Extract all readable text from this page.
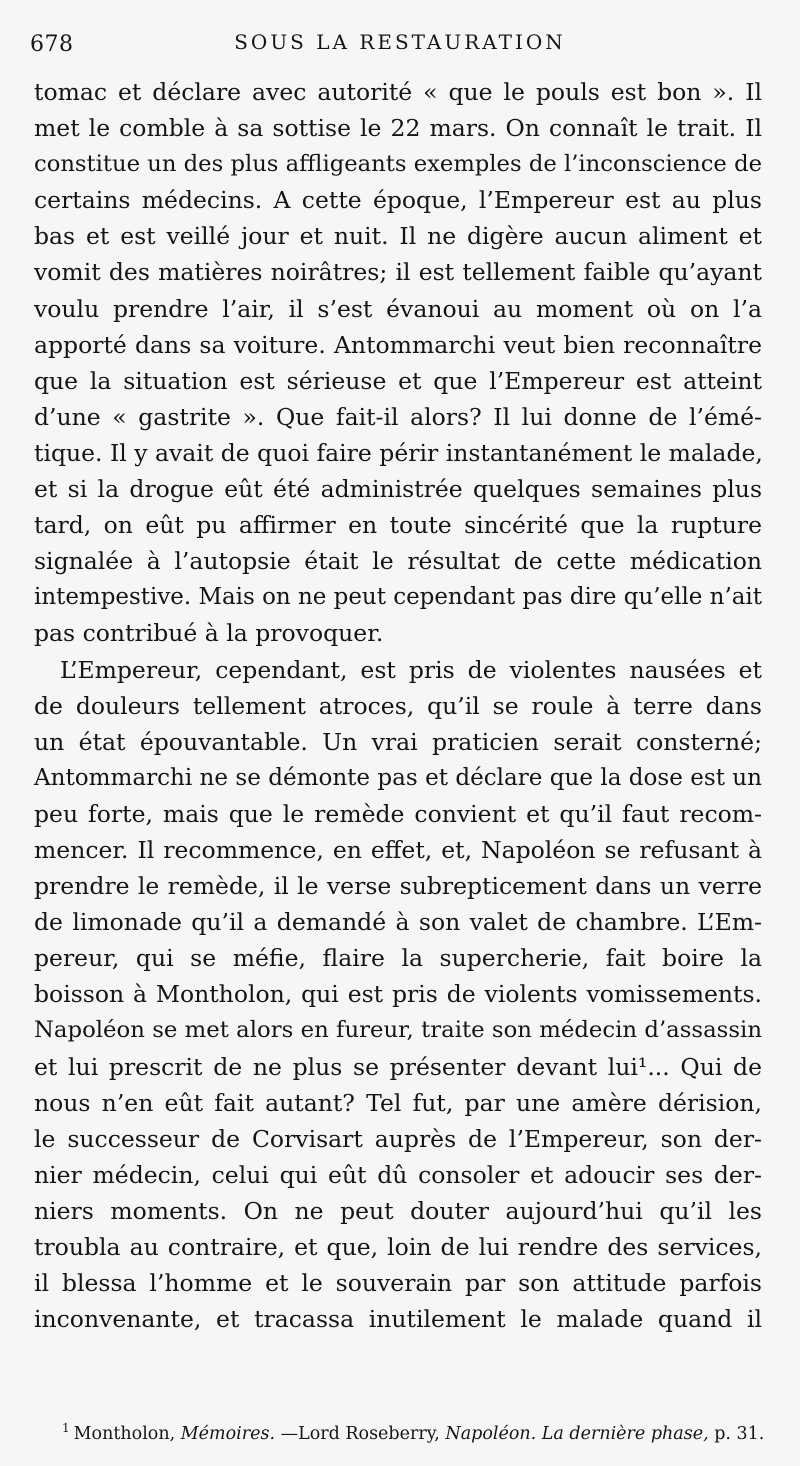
678	SOUS LA RESTAURATION
tomac et déclare avec autorité « que le pouls est bon ». Il
met le comble à sa sottise le 22 mars. On connaît le trait. Il
constitue un des plus affligeants exemples de l’inconscience de
certains médecins. A cette époque, l’Empereur est au plus
bas et est veillé jour et nuit. Il ne digère aucun aliment et
vomit des matières noirâtres; il est tellement faible qu’ayant
voulu prendre l’air, il s’est évanoui au moment où on l’a
apporté dans sa voiture. Antommarchi veut bien reconnaître
que la situation est sérieuse et que l’Empereur est atteint
d’une « gastrite ». Que fait-il alors? Il lui donne de l’émé-
tique. Il y avait de quoi faire périr instantanément le malade,
et si la drogue eût été administrée quelques semaines plus
tard, on eût pu affirmer en toute sincérité que la rupture
signalée à l’autopsie était le résultat de cette médication
intempestive. Mais on ne peut cependant pas dire qu’elle n’ait
pas contribué à la provoquer.
L’Empereur, cependant, est pris de violentes nausées et
de douleurs tellement atroces, qu’il se roule à terre dans
un état épouvantable. Un vrai praticien serait consterné;
Antommarchi ne se démonte pas et déclare que la dose est un
peu forte, mais que le remède convient et qu’il faut recom-
mencer. Il recommence, en effet, et, Napoléon se refusant à
prendre le remède, il le verse subrepticement dans un verre
de limonade qu’il a demandé à son valet de chambre. L’Em-
pereur, qui se méfie, flaire la supercherie, fait boire la
boisson à Montholon, qui est pris de violents vomissements.
Napoléon se met alors en fureur, traite son médecin d’assassin
et lui prescrit de ne plus se présenter devant lui¹... Qui de
nous n’en eût fait autant? Tel fut, par une amère dérision,
le successeur de Corvisart auprès de l’Empereur, son der-
nier médecin, celui qui eût dû consoler et adoucir ses der-
niers moments. On ne peut douter aujourd’hui qu’il les
troubla au contraire, et que, loin de lui rendre des services,
il blessa l’homme et le souverain par son attitude parfois
inconvenante, et tracassa inutilement le malade quand il
$^1$ Montholon, Mémoires. —Lord Roseberry, Napoléon. La dernière phase, p. 31.
